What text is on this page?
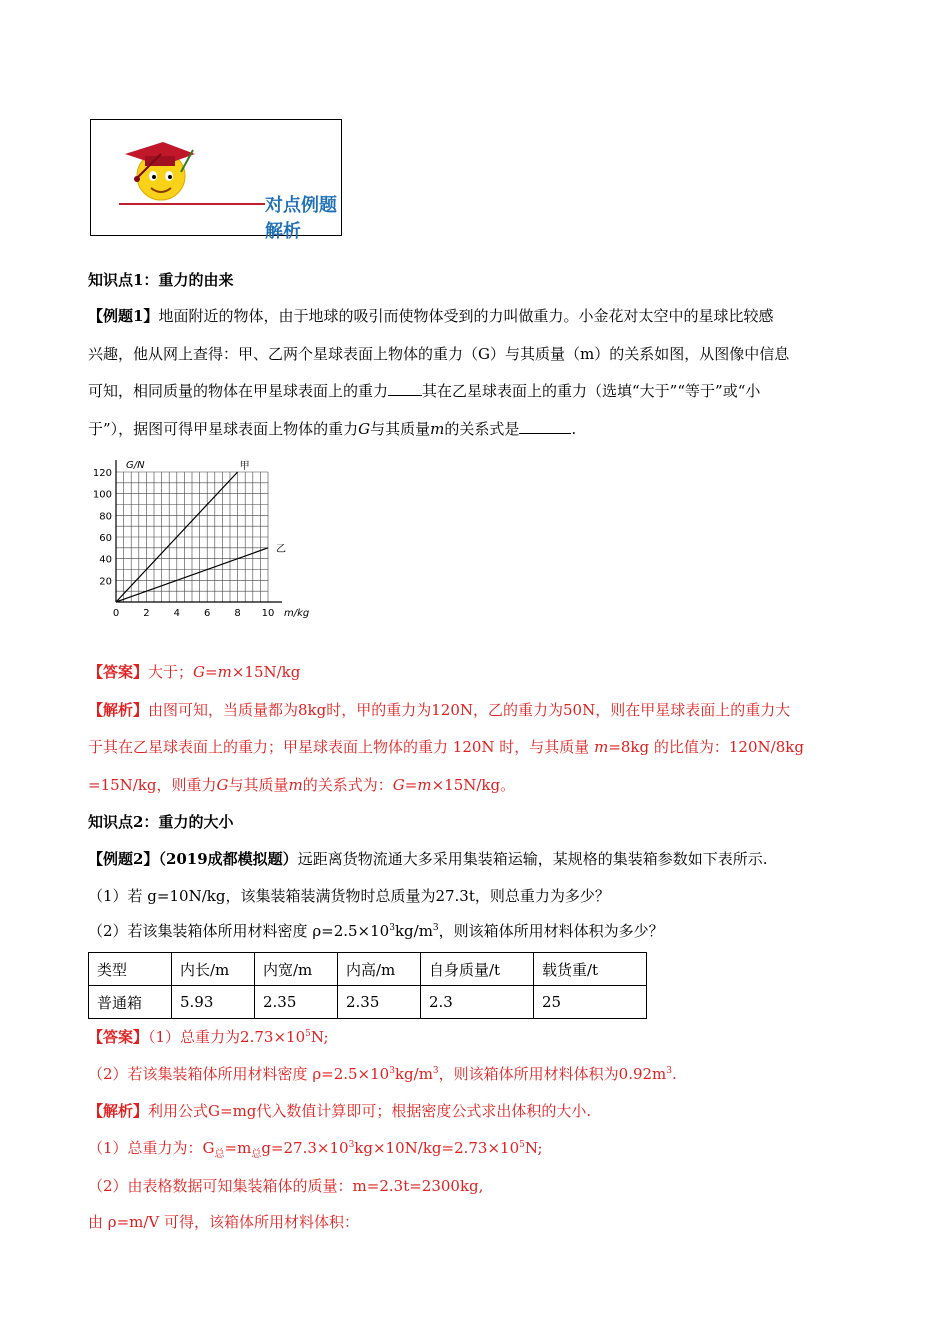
对点例题解析
知识点1：重力的由来
【例题1】地面附近的物体，由于地球的吸引而使物体受到的力叫做重力。小金花对太空中的星球比较感
兴趣，他从网上查得：甲、乙两个星球表面上物体的重力（G）与其质量（m）的关系如图，从图像中信息
可知，相同质量的物体在甲星球表面上的重力 其在乙星球表面上的重力（选填“大于”“等于”或“小
于”），据图可得甲星球表面上物体的重力G与其质量m的关系式是	.
0 2 4 6 8 10
20
40
60
80
100
120
甲
乙
G/N
m/kg
【答案】大于；G=m×15N/kg
【解析】由图可知，当质量都为8kg时，甲的重力为120N，乙的重力为50N，则在甲星球表面上的重力大
于其在乙星球表面上的重力；甲星球表面上物体的重力 120N 时，与其质量 m=8kg 的比值为：120N/8kg
=15N/kg，则重力G与其质量m的关系式为：G=m×15N/kg。
知识点2：重力的大小
【例题2】（2019成都模拟题）远距离货物流通大多采用集装箱运输，某规格的集装箱参数如下表所示.
（1）若 g=10N/kg，该集装箱装满货物时总质量为27.3t，则总重力为多少？
（2）若该集装箱体所用材料密度 $\rho=2.5\times 10^3kg/m^3$，则该箱体所用材料体积为多少？
类型	内长/m	内宽/m	内高/m	自身质量/t	载货重/t
普通箱	5.93	2.35	2.35	2.3	25
【答案】（1）总重力为$2.73\times 10^5N$;
（2）若该集装箱体所用材料密度 $\rho=2.5\times 10^3kg/m^3$，则该箱体所用材料体积为$0.92m^3$.
【解析】利用公式G=mg代入数值计算即可；根据密度公式求出体积的大小.
（1）总重力为：$G_总=m_总g=27.3\times 10^3kg\times 10N/kg=2.73\times 10^5N$;
（2）由表格数据可知集装箱体的质量：m=2.3t=2300kg,
由 ρ=m/V 可得，该箱体所用材料体积：
